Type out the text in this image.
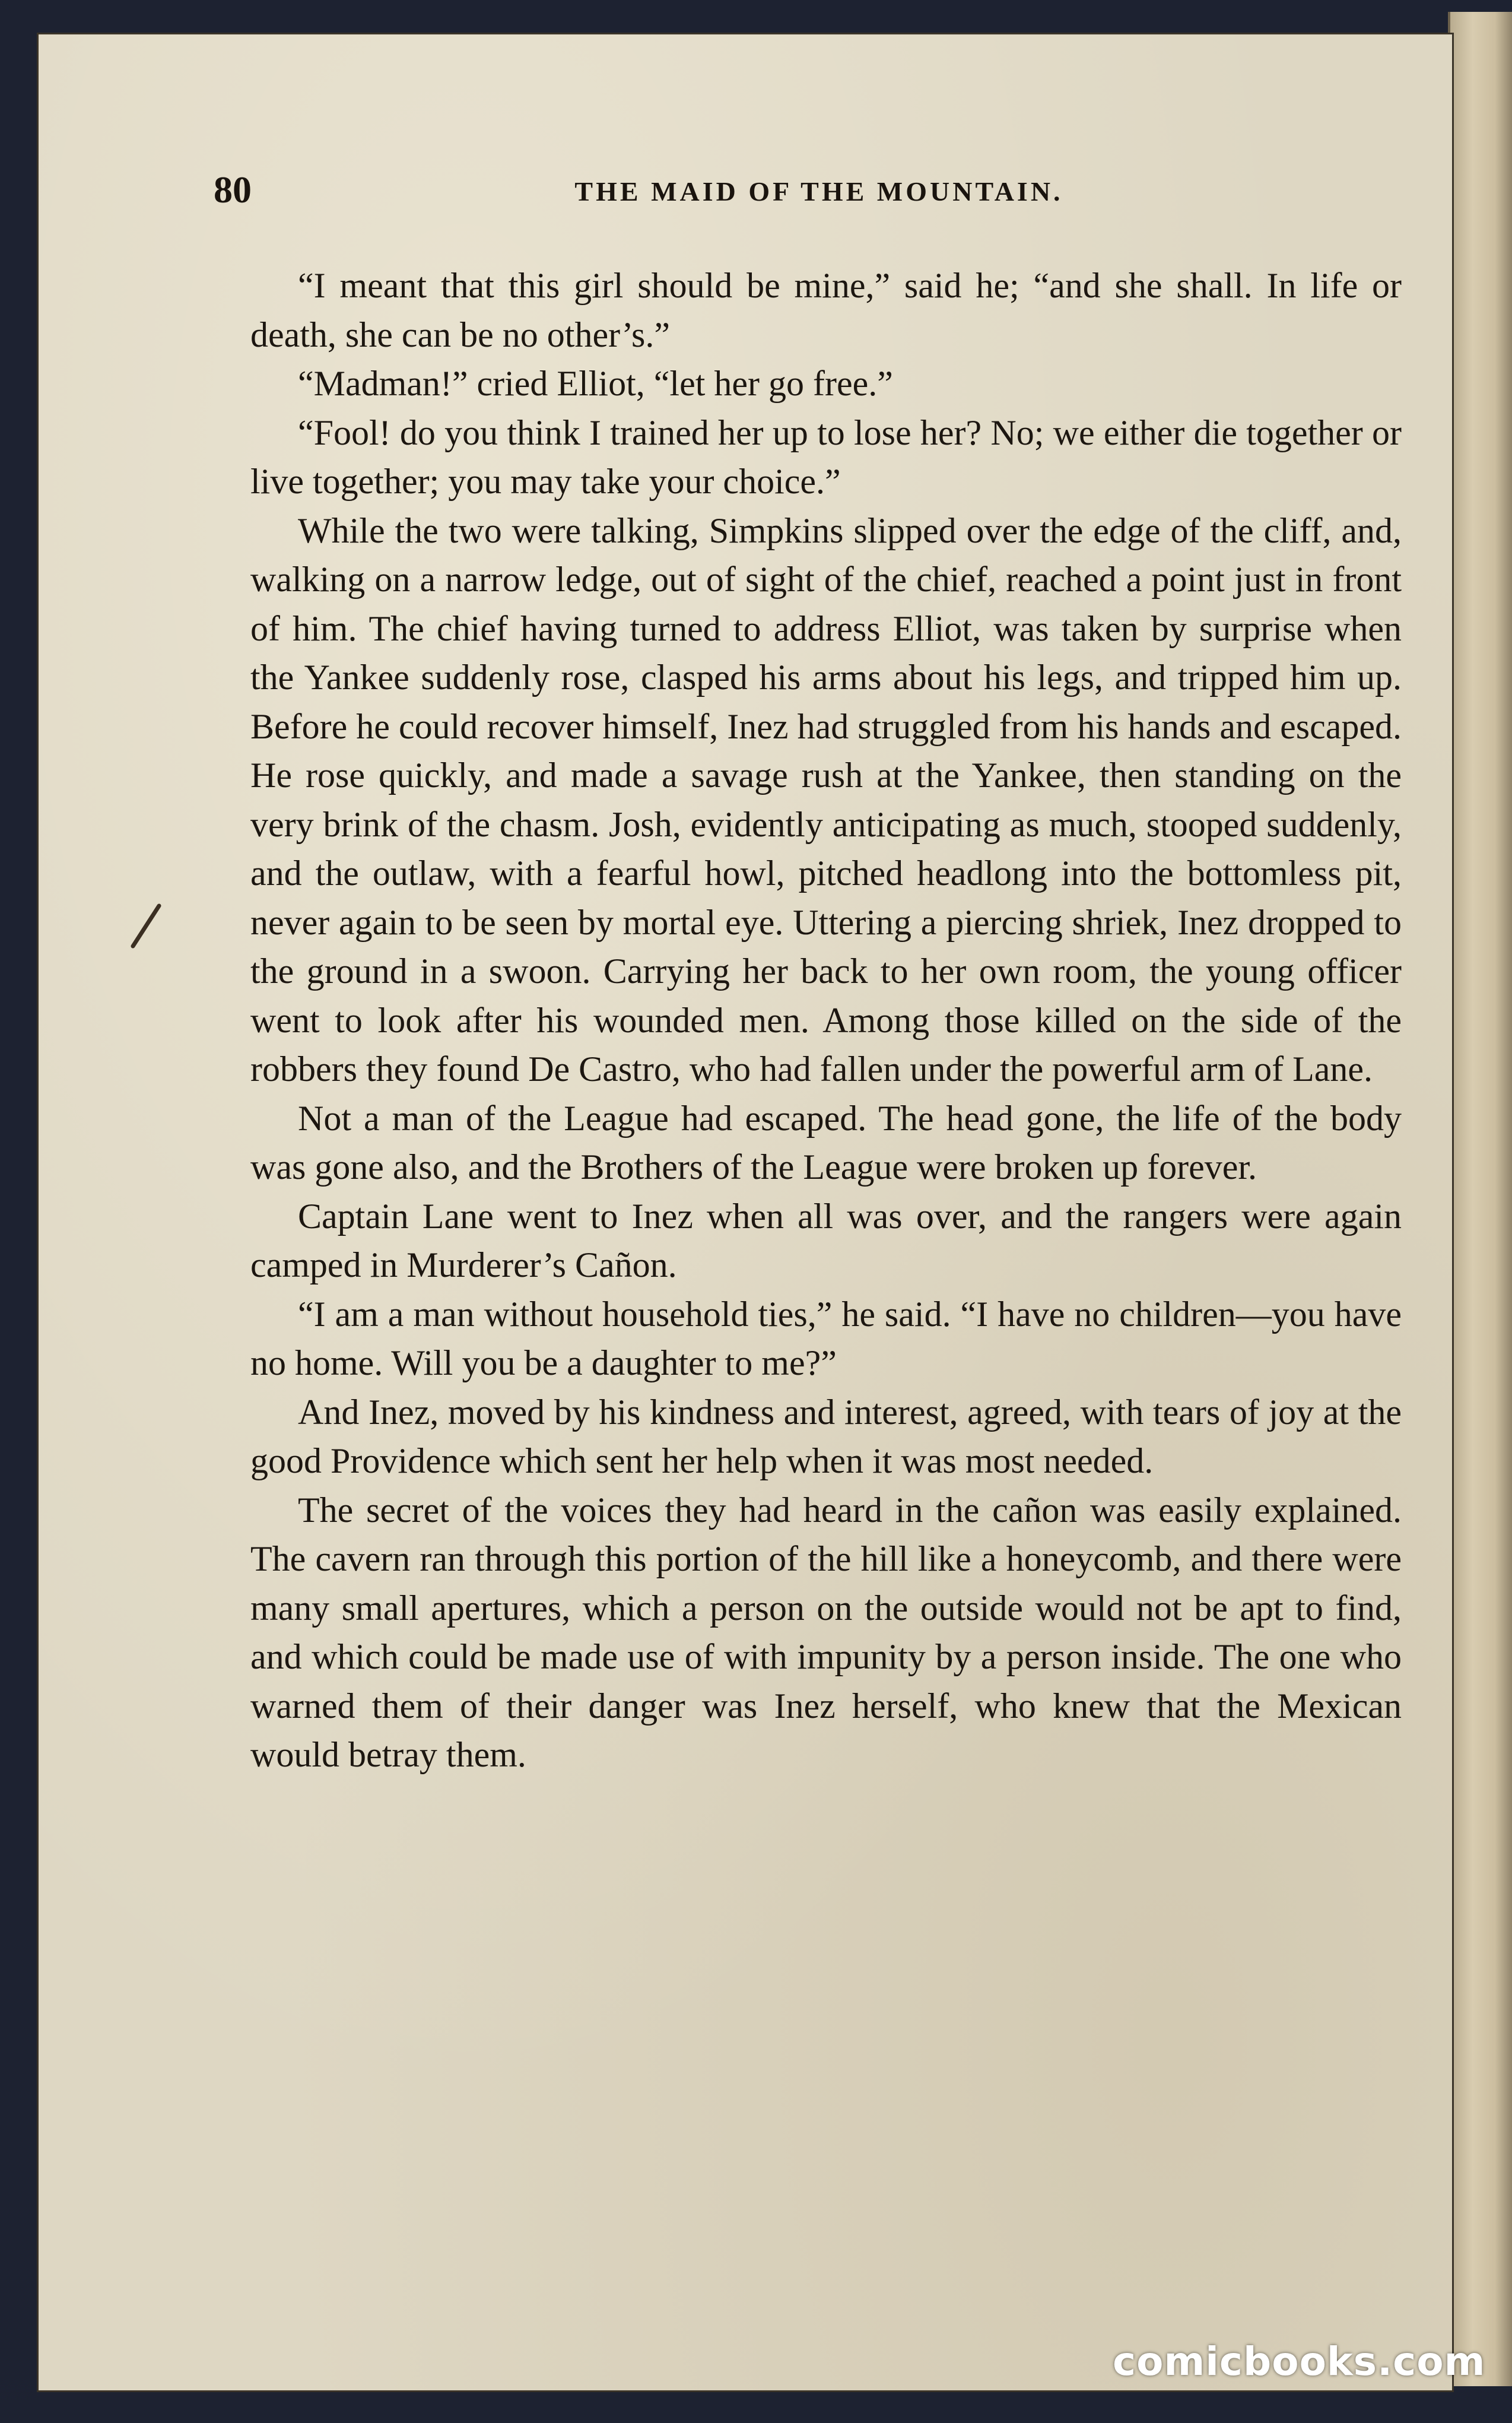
80	THE MAID OF THE MOUNTAIN.

“I meant that this girl should be mine,” said he; “and she shall. In life or death, she can be no other’s.”

“Madman!” cried Elliot, “let her go free.”

“Fool! do you think I trained her up to lose her? No; we either die together or live together; you may take your choice.”

While the two were talking, Simpkins slipped over the edge of the cliff, and, walking on a narrow ledge, out of sight of the chief, reached a point just in front of him. The chief having turned to address Elliot, was taken by surprise when the Yankee suddenly rose, clasped his arms about his legs, and tripped him up. Before he could recover himself, Inez had struggled from his hands and escaped. He rose quickly, and made a savage rush at the Yankee, then standing on the very brink of the chasm. Josh, evidently anticipating as much, stooped suddenly, and the outlaw, with a fearful howl, pitched headlong into the bottomless pit, never again to be seen by mortal eye. Uttering a piercing shriek, Inez dropped to the ground in a swoon. Carrying her back to her own room, the young officer went to look after his wounded men. Among those killed on the side of the robbers they found De Castro, who had fallen under the powerful arm of Lane.

Not a man of the League had escaped. The head gone, the life of the body was gone also, and the Brothers of the League were broken up forever.

Captain Lane went to Inez when all was over, and the rangers were again camped in Murderer’s Cañon.

“I am a man without household ties,” he said. “I have no children—you have no home. Will you be a daughter to me?”

And Inez, moved by his kindness and interest, agreed, with tears of joy at the good Providence which sent her help when it was most needed.

The secret of the voices they had heard in the cañon was easily explained. The cavern ran through this portion of the hill like a honeycomb, and there were many small apertures, which a person on the outside would not be apt to find, and which could be made use of with impunity by a person inside. The one who warned them of their danger was Inez herself, who knew that the Mexican would betray them.

comicbooks.com
